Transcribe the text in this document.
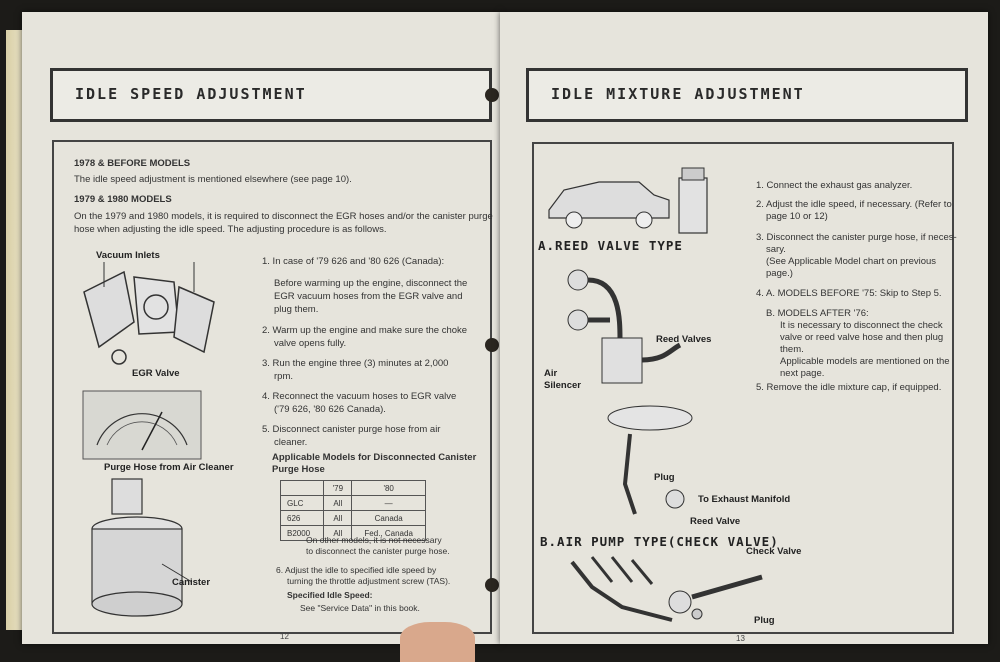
IDLE SPEED ADJUSTMENT
1978 & BEFORE MODELS
The idle speed adjustment is mentioned elsewhere (see page 10).
1979 & 1980 MODELS
On the 1979 and 1980 models, it is required to disconnect the EGR hoses and/or the canister purge
hose when adjusting the idle speed. The adjusting procedure is as follows.
Vacuum Inlets
EGR Valve
Purge Hose from Air Cleaner
Canister
1. In case of '79 626 and '80 626 (Canada):
Before warming up the engine, disconnect the
EGR vacuum hoses from the EGR valve and
plug them.
2. Warm up the engine and make sure the choke
valve opens fully.
3. Run the engine three (3) minutes at 2,000
rpm.
4. Reconnect the vacuum hoses to EGR valve
('79 626, '80 626 Canada).
5. Disconnect canister purge hose from air
cleaner.
Applicable Models for Disconnected Canister
Purge Hose
	'79	'80
GLC	All	—
626	All	Canada
B2000	All	Fed., Canada
On other models, it is not necessary
to disconnect the canister purge hose.
6. Adjust the idle to specified idle speed by
turning the throttle adjustment screw (TAS).
Specified Idle Speed:
See "Service Data" in this book.
12
IDLE MIXTURE ADJUSTMENT
A.REED VALVE TYPE
Reed Valves
Air
Silencer
Plug
To Exhaust Manifold
Reed Valve
B.AIR PUMP TYPE(CHECK VALVE)
Check Valve
Plug
1. Connect the exhaust gas analyzer.
2. Adjust the idle speed, if necessary. (Refer to
page 10 or 12)
3. Disconnect the canister purge hose, if neces-
sary.
(See Applicable Model chart on previous
page.)
4. A. MODELS BEFORE '75: Skip to Step 5.
B. MODELS AFTER '76:
It is necessary to disconnect the check
valve or reed valve hose and then plug
them.
Applicable models are mentioned on the
next page.
5. Remove the idle mixture cap, if equipped.
13
